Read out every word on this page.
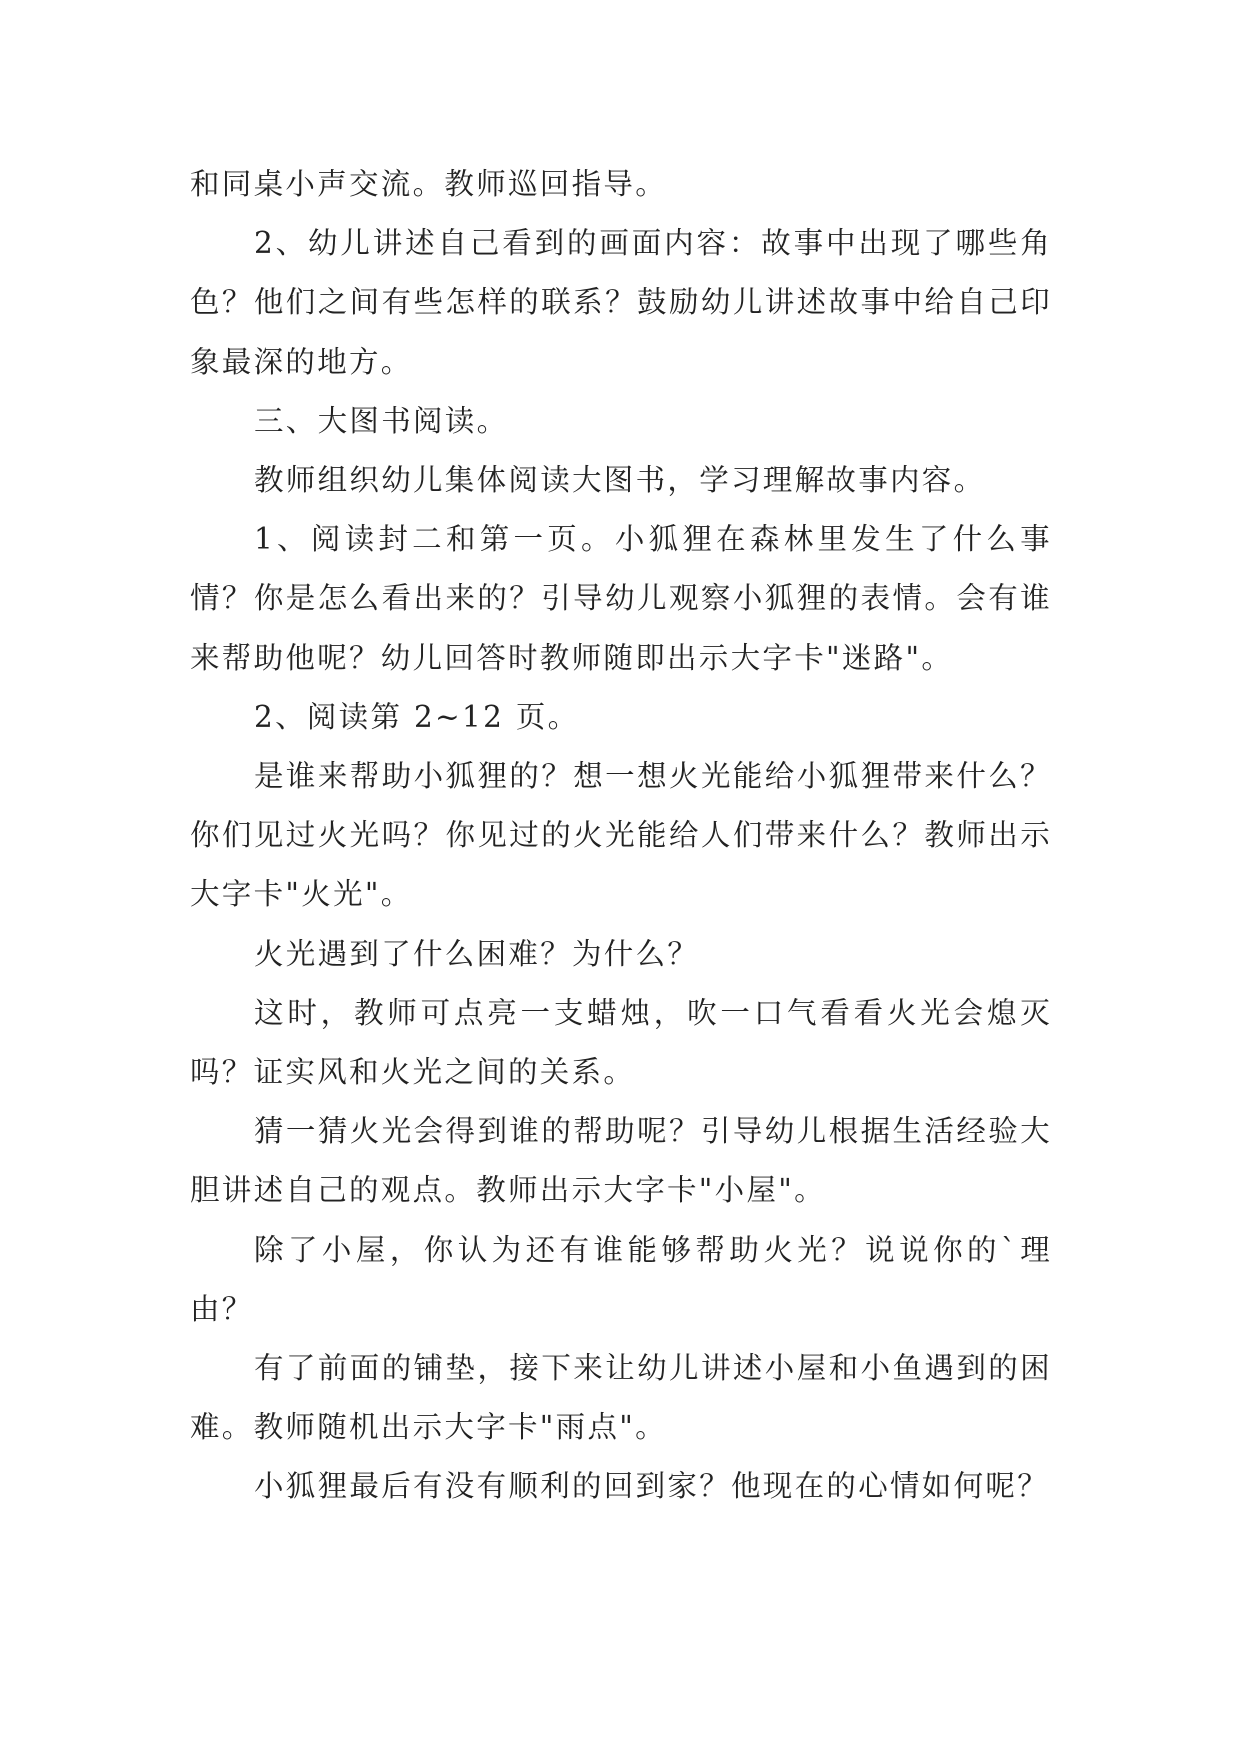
和同桌小声交流。教师巡回指导。

2、幼儿讲述自己看到的画面内容：故事中出现了哪些角色？他们之间有些怎样的联系？鼓励幼儿讲述故事中给自己印象最深的地方。

三、大图书阅读。

教师组织幼儿集体阅读大图书，学习理解故事内容。

1、阅读封二和第一页。小狐狸在森林里发生了什么事情？你是怎么看出来的？引导幼儿观察小狐狸的表情。会有谁来帮助他呢？幼儿回答时教师随即出示大字卡"迷路"。

2、阅读第 2~12 页。

是谁来帮助小狐狸的？想一想火光能给小狐狸带来什么？你们见过火光吗？你见过的火光能给人们带来什么？教师出示大字卡"火光"。

火光遇到了什么困难？为什么？

这时，教师可点亮一支蜡烛，吹一口气看看火光会熄灭吗？证实风和火光之间的关系。

猜一猜火光会得到谁的帮助呢？引导幼儿根据生活经验大胆讲述自己的观点。教师出示大字卡"小屋"。

除了小屋，你认为还有谁能够帮助火光？说说你的`理由？

有了前面的铺垫，接下来让幼儿讲述小屋和小鱼遇到的困难。教师随机出示大字卡"雨点"。

小狐狸最后有没有顺利的回到家？他现在的心情如何呢？
